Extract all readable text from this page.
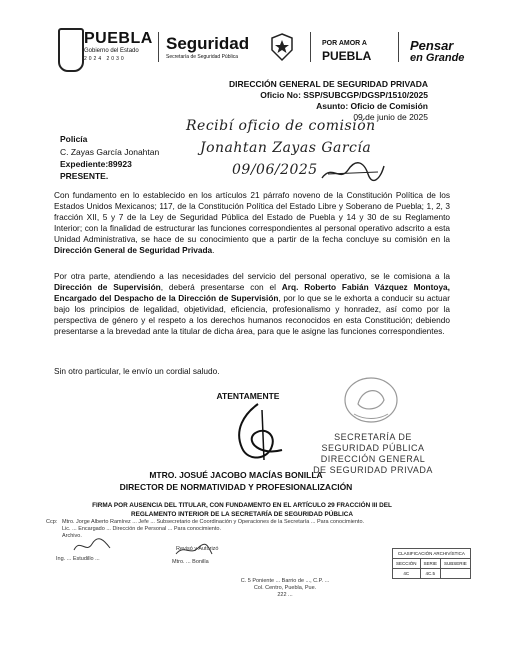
PUEBLA
Gobierno del Estado
2024 2030
Seguridad
Secretaría de Seguridad Pública
POR AMOR A
PUEBLA
Pensar
en Grande
DIRECCIÓN GENERAL DE SEGURIDAD PRIVADA
Oficio No: SSP/SUBCGP/DGSP/1510/2025
Asunto: Oficio de Comisión
09 de junio de 2025
Policía
C. Zayas García Jonahtan
Expediente:89923
PRESENTE.
Recibí oficio de comisión
Jonahtan Zayas García
09/06/2025
Con fundamento en lo establecido en los artículos 21 párrafo noveno de la Constitución Política de los Estados Unidos Mexicanos; 117, de la Constitución Política del Estado Libre y Soberano de Puebla; 1, 2, 3 fracción XII, 5 y 7 de la Ley de Seguridad Pública del Estado de Puebla y 14 y 30 de su Reglamento Interior; con la finalidad de estructurar las funciones correspondientes al personal operativo adscrito a esta Unidad Administrativa, se hace de su conocimiento que a partir de la fecha concluye su comisión en la Dirección General de Seguridad Privada.
Por otra parte, atendiendo a las necesidades del servicio del personal operativo, se le comisiona a la Dirección de Supervisión, deberá presentarse con el Arq. Roberto Fabián Vázquez Montoya, Encargado del Despacho de la Dirección de Supervisión, por lo que se le exhorta a conducir su actuar bajo los principios de legalidad, objetividad, eficiencia, profesionalismo y honradez, así como por la perspectiva de género y el respeto a los derechos humanos reconocidos en esta Constitución; debiendo presentarse a la brevedad ante la titular de dicha área, para que le asigne las funciones correspondientes.
Sin otro particular, le envío un cordial saludo.
ATENTAMENTE
SECRETARÍA DE
SEGURIDAD PÚBLICA
DIRECCIÓN GENERAL
DE SEGURIDAD PRIVADA
MTRO. JOSUÉ JACOBO MACÍAS BONILLA
DIRECTOR DE NORMATIVIDAD Y PROFESIONALIZACIÓN
FIRMA POR AUSENCIA DEL TITULAR, CON FUNDAMENTO EN EL ARTÍCULO 29 FRACCIÓN III DEL
REGLAMENTO INTERIOR DE LA SECRETARÍA DE SEGURIDAD PÚBLICA
Ccp: Mtro. Jorge Alberto Ramírez ... Jefe ... Subsecretario de Coordinación y Operaciones de la Secretaría ... Para conocimiento.
Lic. ... Encargado ... Dirección de Personal ... Para conocimiento.
Archivo.
Ing. ... Estudillo ...
Revisó y Autorizó
Mtro. ... Bonilla
C. 5 Poniente ... Barrio de ..., C.P. ...
Col. Centro, Puebla, Pue.
222 ...
CLASIFICACIÓN ARCHIVÍSTICA		
SECCIÓN	SERIE	SUBSERIE
4C	4C.5	
